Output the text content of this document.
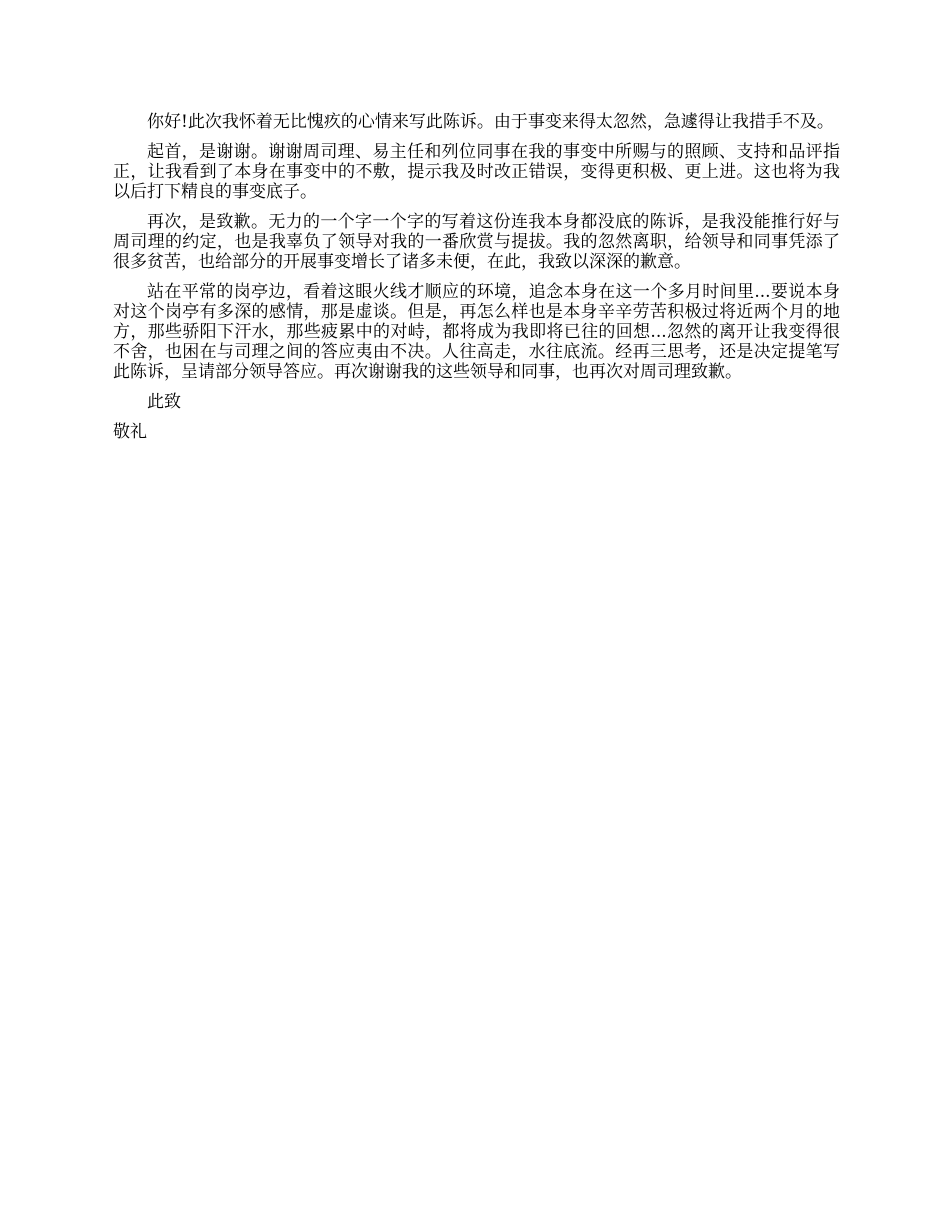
你好!此次我怀着无比愧疚的心情来写此陈诉。由于事变来得太忽然，急遽得让我措手不及。

起首，是谢谢。谢谢周司理、易主任和列位同事在我的事变中所赐与的照顾、支持和品评指正，让我看到了本身在事变中的不敷，提示我及时改正错误，变得更积极、更上进。这也将为我以后打下精良的事变底子。

再次，是致歉。无力的一个字一个字的写着这份连我本身都没底的陈诉，是我没能推行好与周司理的约定，也是我辜负了领导对我的一番欣赏与提拔。我的忽然离职，给领导和同事凭添了很多贫苦，也给部分的开展事变增长了诸多未便，在此，我致以深深的歉意。

站在平常的岗亭边，看着这眼火线才顺应的环境，追念本身在这一个多月时间里...要说本身对这个岗亭有多深的感情，那是虚谈。但是，再怎么样也是本身辛辛劳苦积极过将近两个月的地方，那些骄阳下汗水，那些疲累中的对峙，都将成为我即将已往的回想...忽然的离开让我变得很不舍，也困在与司理之间的答应夷由不决。人往高走，水往底流。经再三思考，还是决定提笔写此陈诉，呈请部分领导答应。再次谢谢我的这些领导和同事，也再次对周司理致歉。

此致

敬礼
